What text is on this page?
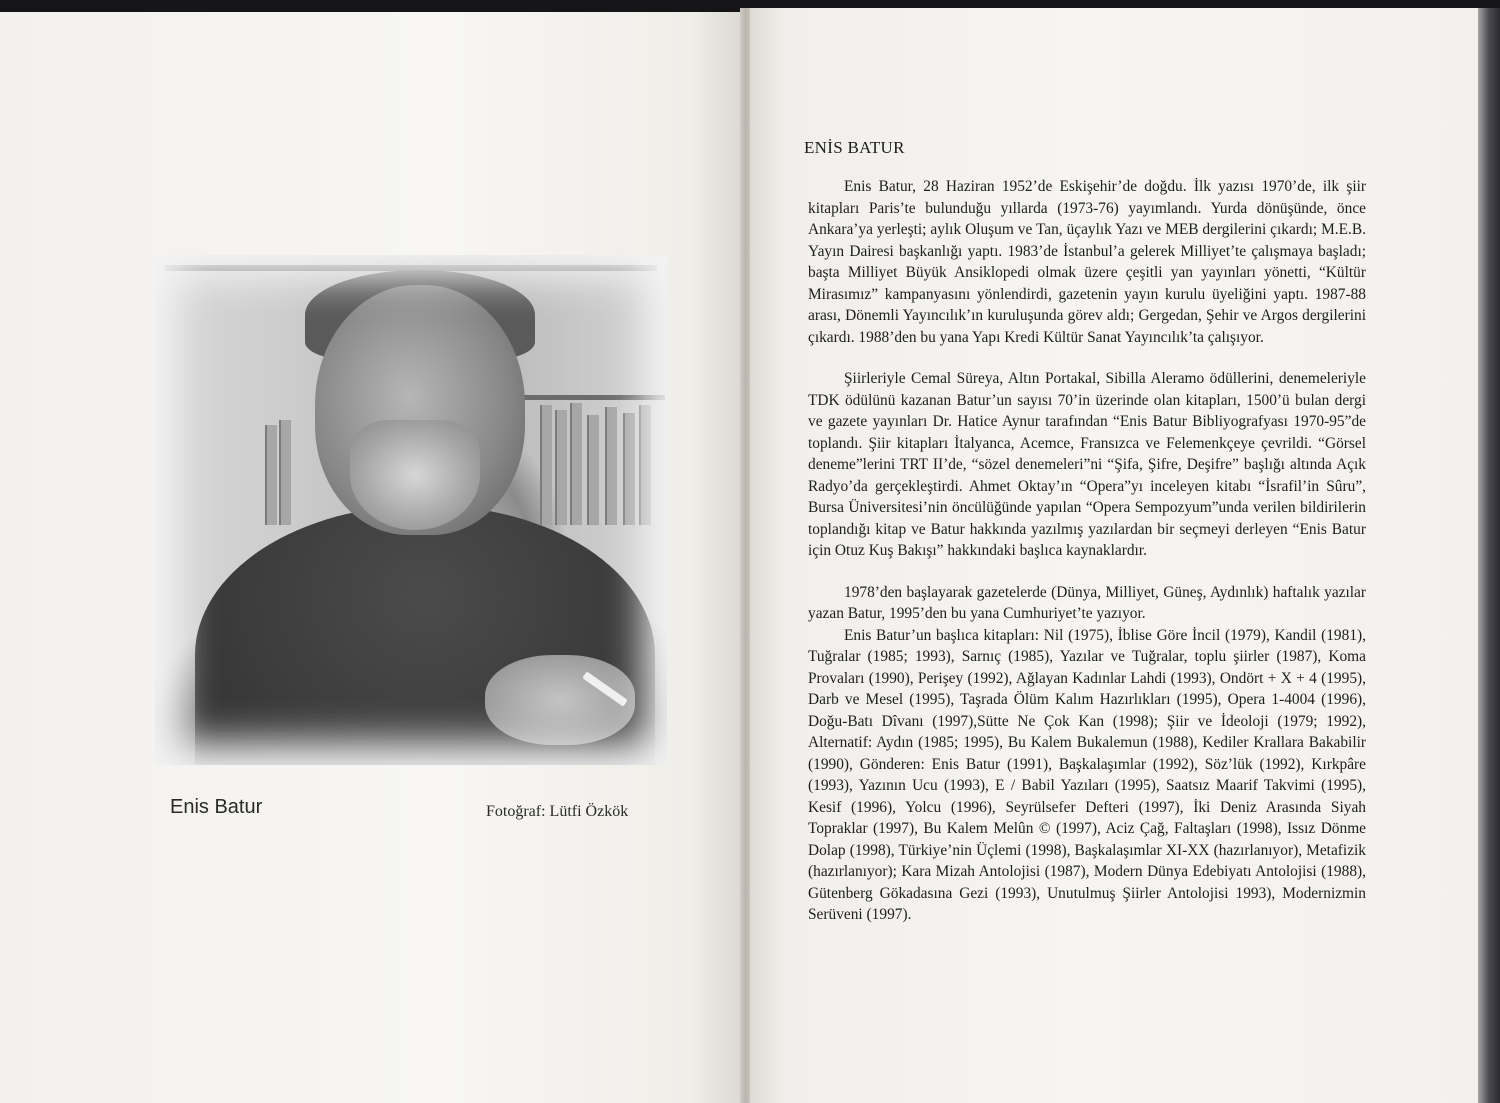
Enis Batur	Fotoğraf: Lütfi Özkök
ENİS BATUR

Enis Batur, 28 Haziran 1952’de Eskişehir’de doğdu. İlk yazısı 1970’de, ilk şiir kitapları Paris’te bulunduğu yıllarda (1973-76) yayımlandı. Yurda dönüşünde, önce Ankara’ya yerleşti; aylık Oluşum ve Tan, üçaylık Yazı ve MEB dergilerini çıkardı; M.E.B. Yayın Dairesi başkanlığı yaptı. 1983’de İstanbul’a gelerek Milliyet’te çalışmaya başladı; başta Milliyet Büyük Ansiklopedi olmak üzere çeşitli yan yayınları yönetti, “Kültür Mirasımız” kampanyasını yönlendirdi, gazetenin yayın kurulu üyeliğini yaptı. 1987-88 arası, Dönemli Yayıncılık’ın kuruluşunda görev aldı; Gergedan, Şehir ve Argos dergilerini çıkardı. 1988’den bu yana Yapı Kredi Kültür Sanat Yayıncılık’ta çalışıyor.

Şiirleriyle Cemal Süreya, Altın Portakal, Sibilla Aleramo ödüllerini, denemeleriyle TDK ödülünü kazanan Batur’un sayısı 70’in üzerinde olan kitapları, 1500’ü bulan dergi ve gazete yayınları Dr. Hatice Aynur tarafından “Enis Batur Bibliyografyası 1970-95”de toplandı. Şiir kitapları İtalyanca, Acemce, Fransızca ve Felemenkçeye çevrildi. “Görsel deneme”lerini TRT II’de, “sözel denemeleri”ni “Şifa, Şifre, Deşifre” başlığı altında Açık Radyo’da gerçekleştirdi. Ahmet Oktay’ın “Opera”yı inceleyen kitabı “İsrafil’in Sûru”, Bursa Üniversitesi’nin öncülüğünde yapılan “Opera Sempozyum”unda verilen bildirilerin toplandığı kitap ve Batur hakkında yazılmış yazılardan bir seçmeyi derleyen “Enis Batur için Otuz Kuş Bakışı” hakkındaki başlıca kaynaklardır.

1978’den başlayarak gazetelerde (Dünya, Milliyet, Güneş, Aydınlık) haftalık yazılar yazan Batur, 1995’den bu yana Cumhuriyet’te yazıyor.

Enis Batur’un başlıca kitapları: Nil (1975), İblise Göre İncil (1979), Kandil (1981), Tuğralar (1985; 1993), Sarnıç (1985), Yazılar ve Tuğralar, toplu şiirler (1987), Koma Provaları (1990), Perişey (1992), Ağlayan Kadınlar Lahdi (1993), Ondört + X + 4 (1995), Darb ve Mesel (1995), Taşrada Ölüm Kalım Hazırlıkları (1995), Opera 1-4004 (1996), Doğu-Batı Dîvanı (1997),Sütte Ne Çok Kan (1998); Şiir ve İdeoloji (1979; 1992), Alternatif: Aydın (1985; 1995), Bu Kalem Bukalemun (1988), Kediler Krallara Bakabilir (1990), Gönderen: Enis Batur (1991), Başkalaşımlar (1992), Söz’lük (1992), Kırkpâre (1993), Yazının Ucu (1993), E / Babil Yazıları (1995), Saatsız Maarif Takvimi (1995), Kesif (1996), Yolcu (1996), Seyrülsefer Defteri (1997), İki Deniz Arasında Siyah Topraklar (1997), Bu Kalem Melûn © (1997), Aciz Çağ, Faltaşları (1998), Issız Dönme Dolap (1998), Türkiye’nin Üçlemi (1998), Başkalaşımlar XI-XX (hazırlanıyor), Metafizik (hazırlanıyor); Kara Mizah Antolojisi (1987), Modern Dünya Edebiyatı Antolojisi (1988), Gütenberg Gökadasına Gezi (1993), Unutulmuş Şiirler Antolojisi 1993), Modernizmin Serüveni (1997).
